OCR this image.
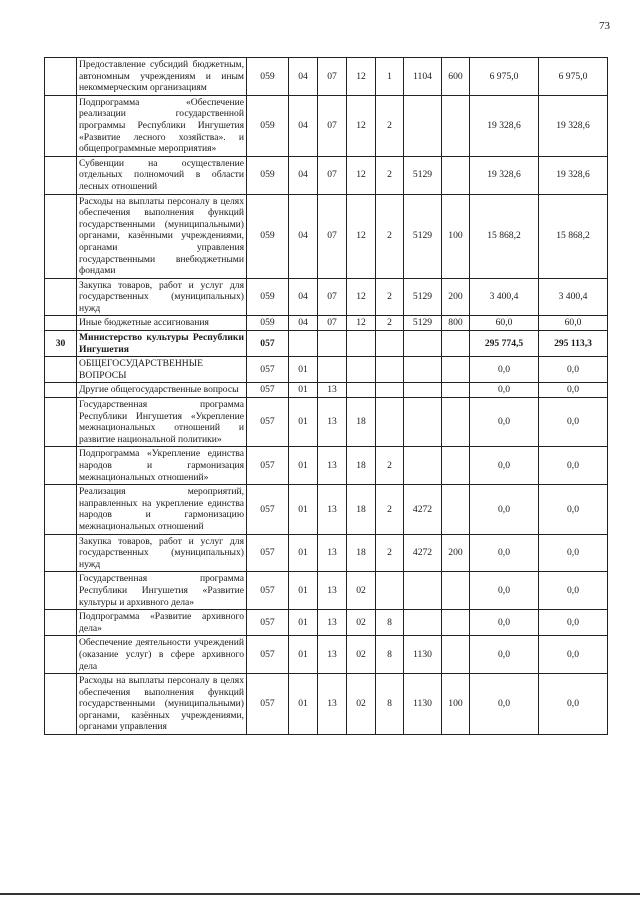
73
	Предоставление субсидий бюджетным, автономным учреждениям и иным некоммерческим организациям	059	04	07	12	1	1104	600	6 975,0	6 975,0
	Подпрограмма «Обеспечение реализации государственной программы Республики Ингушетия «Развитие лесного хозяйства». и общепрограммные мероприятия»	059	04	07	12	2			19 328,6	19 328,6
	Субвенции на осуществление отдельных полномочий в области лесных отношений	059	04	07	12	2	5129		19 328,6	19 328,6
	Расходы на выплаты персоналу в целях обеспечения выполнения функций государственными (муниципальными) органами, казёнными учреждениями, органами управления государственными внебюджетными фондами	059	04	07	12	2	5129	100	15 868,2	15 868,2
	Закупка товаров, работ и услуг для государственных (муниципальных) нужд	059	04	07	12	2	5129	200	3 400,4	3 400,4
	Иные бюджетные ассигнования	059	04	07	12	2	5129	800	60,0	60,0
30	Министерство культуры Республики Ингушетия	057							295 774,5	295 113,3
	ОБЩЕГОСУДАРСТВЕННЫЕ ВОПРОСЫ	057	01						0,0	0,0
	Другие общегосударственные вопросы	057	01	13					0,0	0,0
	Государственная программа Республики Ингушетия «Укрепление межнациональных отношений и развитие национальной политики»	057	01	13	18				0,0	0,0
	Подпрограмма «Укрепление единства народов и гармонизация межнациональных отношений»	057	01	13	18	2			0,0	0,0
	Реализация мероприятий, направленных на укрепление единства народов и гармонизацию межнациональных отношений	057	01	13	18	2	4272		0,0	0,0
	Закупка товаров, работ и услуг для государственных (муниципальных) нужд	057	01	13	18	2	4272	200	0,0	0,0
	Государственная программа Республики Ингушетия «Развитие культуры и архивного дела»	057	01	13	02				0,0	0,0
	Подпрограмма «Развитие архивного дела»	057	01	13	02	8			0,0	0,0
	Обеспечение деятельности учреждений (оказание услуг) в сфере архивного дела	057	01	13	02	8	1130		0,0	0,0
	Расходы на выплаты персоналу в целях обеспечения выполнения функций государственными (муниципальными) органами, казённых учреждениями, органами управления	057	01	13	02	8	1130	100	0,0	0,0
